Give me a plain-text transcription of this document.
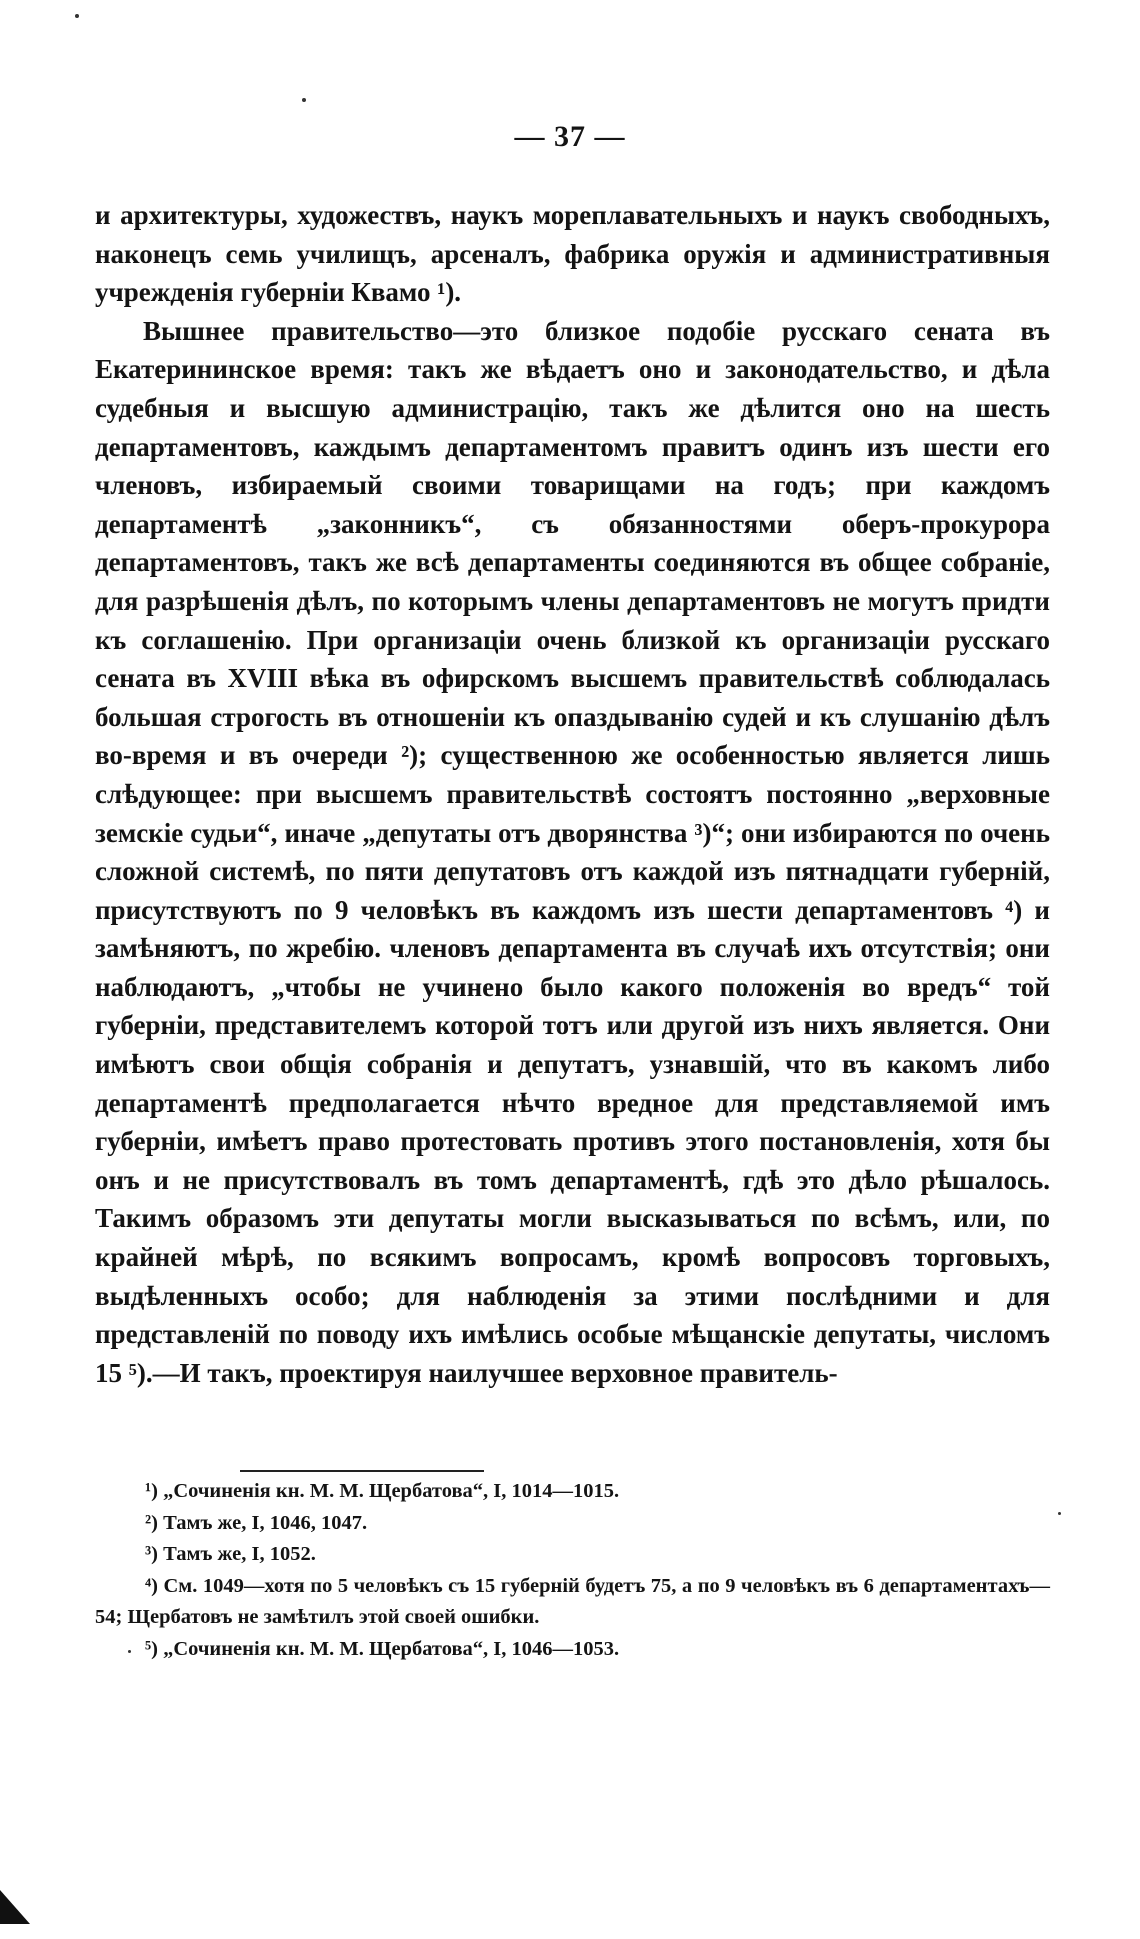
— 37 —

и архитектуры, художествъ, наукъ мореплавательныхъ и наукъ свободныхъ, наконецъ семь училищъ, арсеналъ, фабрика оружія и административныя учрежденія губерніи Квамо ¹).

Вышнее правительство—это близкое подобіе русскаго сената въ Екатерининское время: такъ же вѣдаетъ оно и законодательство, и дѣла судебныя и высшую администрацію, такъ же дѣлится оно на шесть департаментовъ, каждымъ департаментомъ правитъ одинъ изъ шести его членовъ, избираемый своими товарищами на годъ; при каждомъ департаментѣ „законникъ“, съ обязанностями оберъ-прокурора департаментовъ, такъ же всѣ департаменты соединяются въ общее собраніе, для разрѣшенія дѣлъ, по которымъ члены департаментовъ не могутъ придти къ соглашенію. При организаціи очень близкой къ организаціи русскаго сената въ XVIII вѣка въ офирскомъ высшемъ правительствѣ соблюдалась большая строгость въ отношеніи къ опаздыванію судей и къ слушанію дѣлъ во-время и въ очереди ²); существенною же особенностью является лишь слѣдующее: при высшемъ правительствѣ состоятъ постоянно „верховные земскіе судьи“, иначе „депутаты отъ дворянства ³)“; они избираются по очень сложной системѣ, по пяти депутатовъ отъ каждой изъ пятнадцати губерній, присутствуютъ по 9 человѣкъ въ каждомъ изъ шести департаментовъ ⁴) и замѣняютъ, по жребію. членовъ департамента въ случаѣ ихъ отсутствія; они наблюдаютъ, „чтобы не учинено было какого положенія во вредъ“ той губерніи, представителемъ которой тотъ или другой изъ нихъ является. Они имѣютъ свои общія собранія и депутатъ, узнавшій, что въ какомъ либо департаментѣ предполагается нѣчто вредное для представляемой имъ губерніи, имѣетъ право протестовать противъ этого постановленія, хотя бы онъ и не присутствовалъ въ томъ департаментѣ, гдѣ это дѣло рѣшалось. Такимъ образомъ эти депутаты могли высказываться по всѣмъ, или, по крайней мѣрѣ, по всякимъ вопросамъ, кромѣ вопросовъ торговыхъ, выдѣленныхъ особо; для наблюденія за этими послѣдними и для представленій по поводу ихъ имѣлись особые мѣщанскіе депутаты, числомъ 15 ⁵).—И такъ, проектируя наилучшее верховное правитель-

¹) „Сочиненія кн. М. М. Щербатова“, I, 1014—1015.

²) Тамъ же, I, 1046, 1047.

³) Тамъ же, I, 1052.

⁴) См. 1049—хотя по 5 человѣкъ съ 15 губерній будетъ 75, а по 9 человѣкъ въ 6 департаментахъ—54; Щербатовъ не замѣтилъ этой своей ошибки.

⁵) „Сочиненія кн. М. М. Щербатова“, I, 1046—1053.
